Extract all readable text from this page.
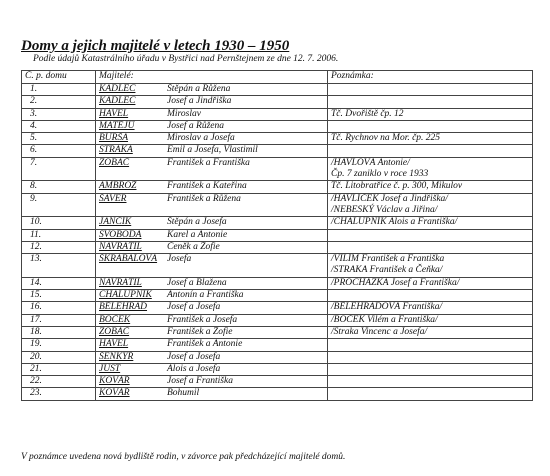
Domy a jejich majitelé v letech 1930 – 1950
Podle údajů Katastrálního úřadu v Bystřici nad Pernštejnem ze dne 12. 7. 2006.
Č. p. domu	Majitelé:	Poznámka:
1.	KADLEC Štěpán a Růžena	
2.	KADLEC Josef a Jindřiška	
3.	HAVEL Miroslav	Tč. Dvořiště čp. 12

4.	MATĚJŮ Josef a Růžena	
5.	BURŠA Miroslav a Josefa	Tč. Rychnov na Mor. čp. 225

6.	STRAKA Emil a Josefa, Vlastimil	
7.	ZOBAČ František a Františka	/HAVLOVÁ Antonie/
Čp. 7 zaniklo v roce 1933

8.	AMBROŽ František a Kateřina	Tč. Litobratřice č. p. 300, Mikulov

9.	ŠAVER František a Růžena	/HAVLÍČEK Josef a Jindřiška/
/NEBESKÝ Václav a Jiřina/

10.	JANČÍK Štěpán a Josefa	/CHALUPNÍK Alois a Františka/

11.	SVOBODA Karel a Antonie	
12.	NAVRÁTIL Čeněk a Žofie	
13.	ŠKRABALOVÁ Josefa	/VILÍM František a Františka
/STRAKA František a Čeňka/

14.	NAVRÁTIL Josef a Blažena	/PROCHÁZKA Josef a Františka/

15.	CHALUPNÍK Antonín a Františka	
16.	BĚLEHRAD Josef a Josefa	/BĚLEHRADOVÁ Františka/

17.	BOČEK František a Josefa	/BOČEK Vilém a Františka/

18.	ZOBAČ František a Žofie	/Straka Vincenc a Josefa/

19.	HAVEL František a Antonie	
20.	ŠENKÝŘ Josef a Josefa	
21.	JUST Alois a Josefa	
22.	KOVÁŘ Josef a Františka	
23.	KOVÁŘ Bohumil	
V poznámce uvedena nová bydliště rodin, v závorce pak předcházející majitelé domů.
